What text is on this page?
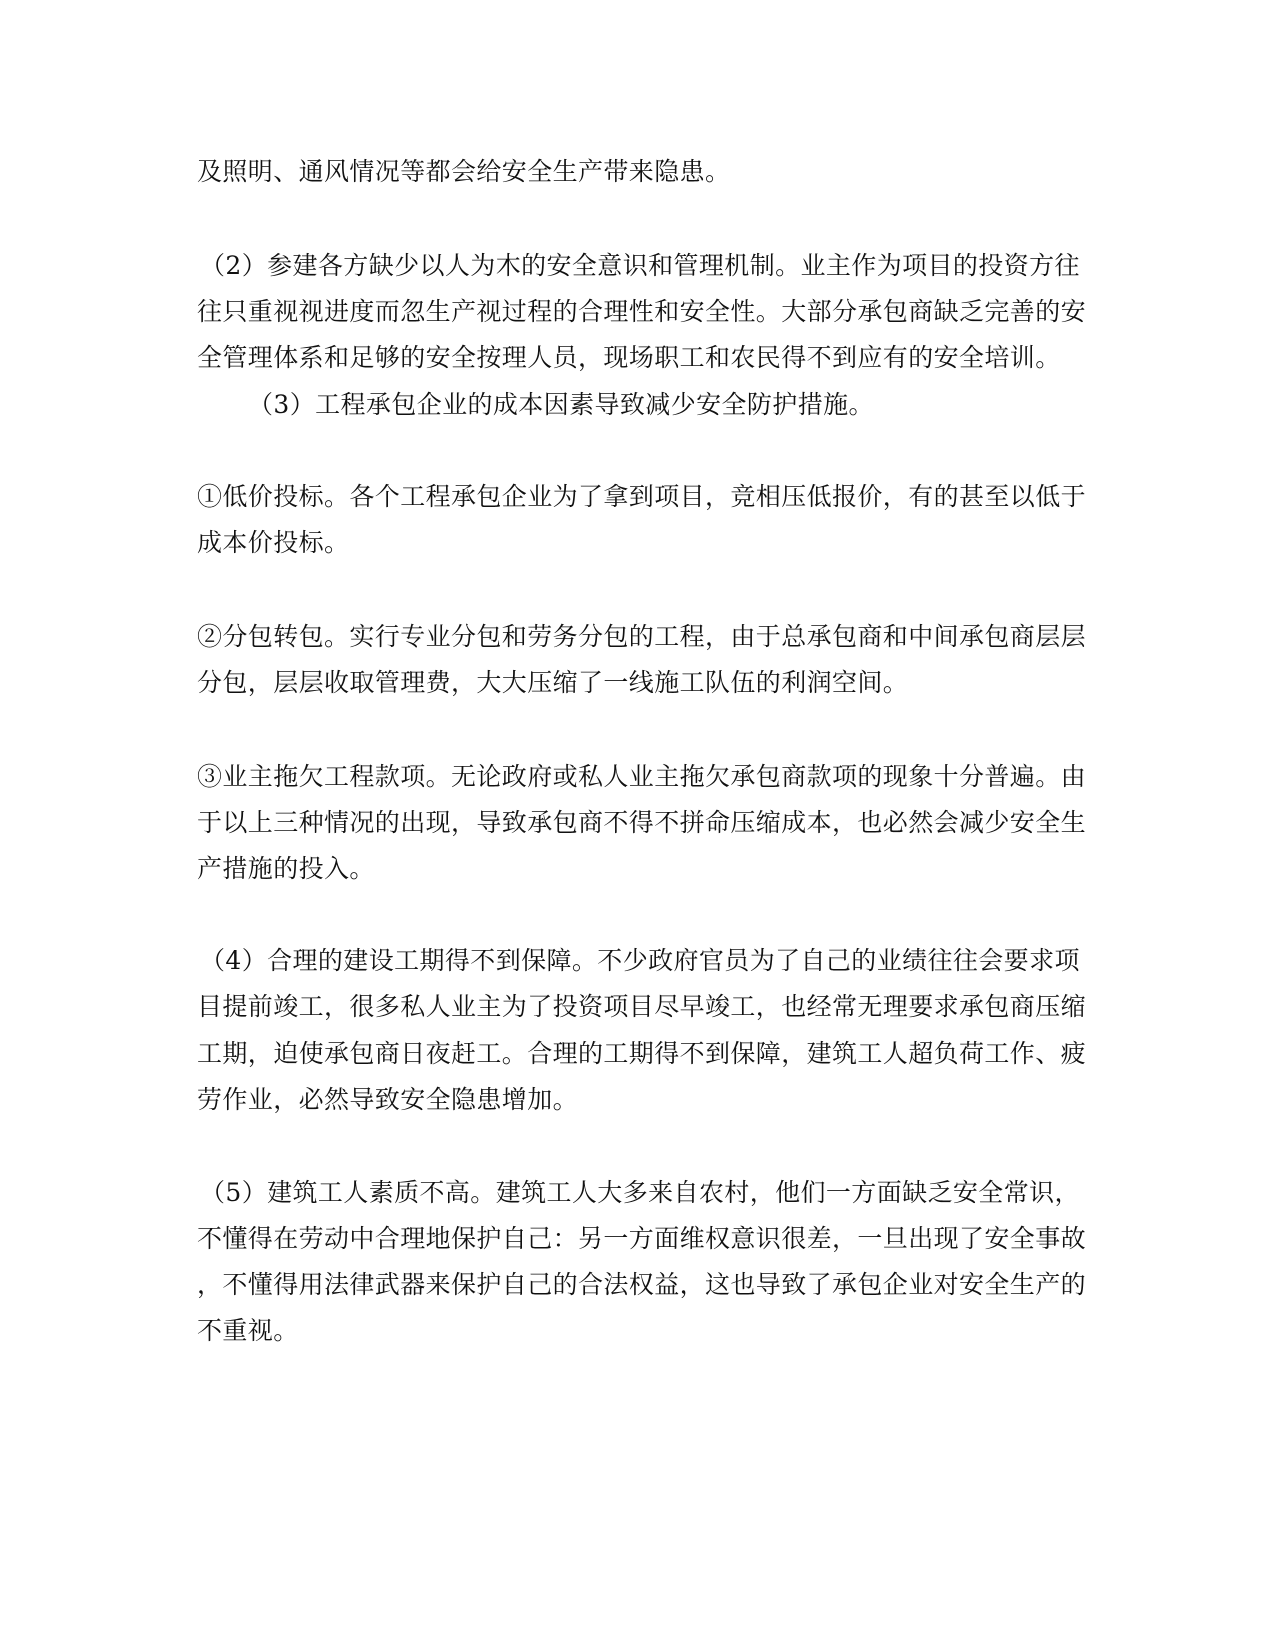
及照明、通风情况等都会给安全生产带来隐患。
（2）参建各方缺少以人为木的安全意识和管理机制。业主作为项目的投资方往
往只重视视进度而忽生产视过程的合理性和安全性。大部分承包商缺乏完善的安
全管理体系和足够的安全按理人员，现场职工和农民得不到应有的安全培训。
（3）工程承包企业的成本因素导致减少安全防护措施。
①低价投标。各个工程承包企业为了拿到项目，竞相压低报价，有的甚至以低于
成本价投标。
②分包转包。实行专业分包和劳务分包的工程，由于总承包商和中间承包商层层
分包，层层收取管理费，大大压缩了一线施工队伍的利润空间。
③业主拖欠工程款项。无论政府或私人业主拖欠承包商款项的现象十分普遍。由
于以上三种情况的出现，导致承包商不得不拼命压缩成本，也必然会减少安全生
产措施的投入。
（4）合理的建设工期得不到保障。不少政府官员为了自己的业绩往往会要求项
目提前竣工，很多私人业主为了投资项目尽早竣工，也经常无理要求承包商压缩
工期，迫使承包商日夜赶工。合理的工期得不到保障，建筑工人超负荷工作、疲
劳作业，必然导致安全隐患增加。
（5）建筑工人素质不高。建筑工人大多来自农村，他们一方面缺乏安全常识，
不懂得在劳动中合理地保护自己：另一方面维权意识很差，一旦出现了安全事故
，不懂得用法律武器来保护自己的合法权益，这也导致了承包企业对安全生产的
不重视。
